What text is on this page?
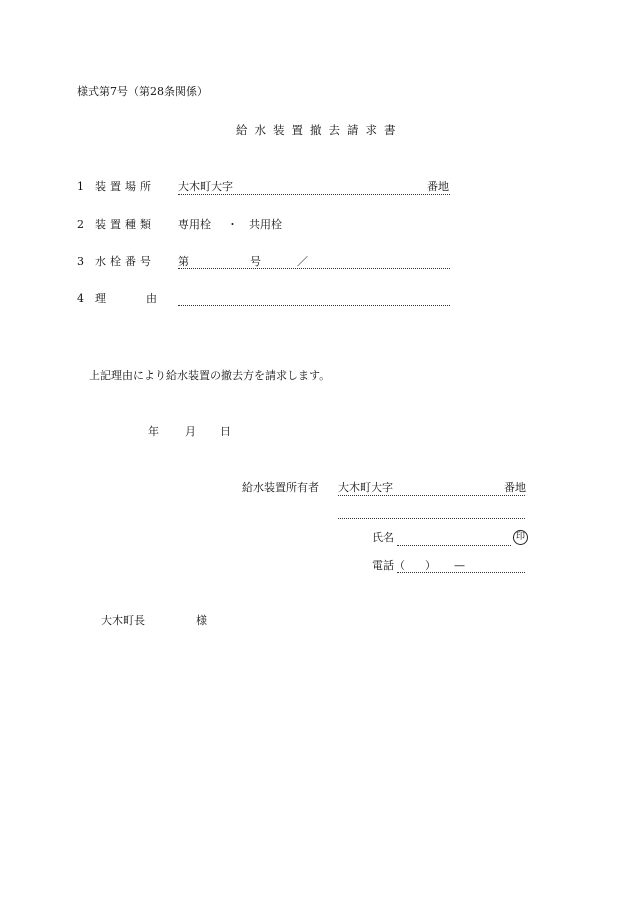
様式第7号（第28条関係）
給水装置撤去請求書
1 装置場所 大木町大字	番地
2 装置種類 専用栓 ・ 共用栓
3 水栓番号 第	号	／
4 理	由
上記理由により給水装置の撤去方を請求します。
年 月 日
給水装置所有者 大木町大字	番地
氏名	印
電話（ ） —
大木町長	様
